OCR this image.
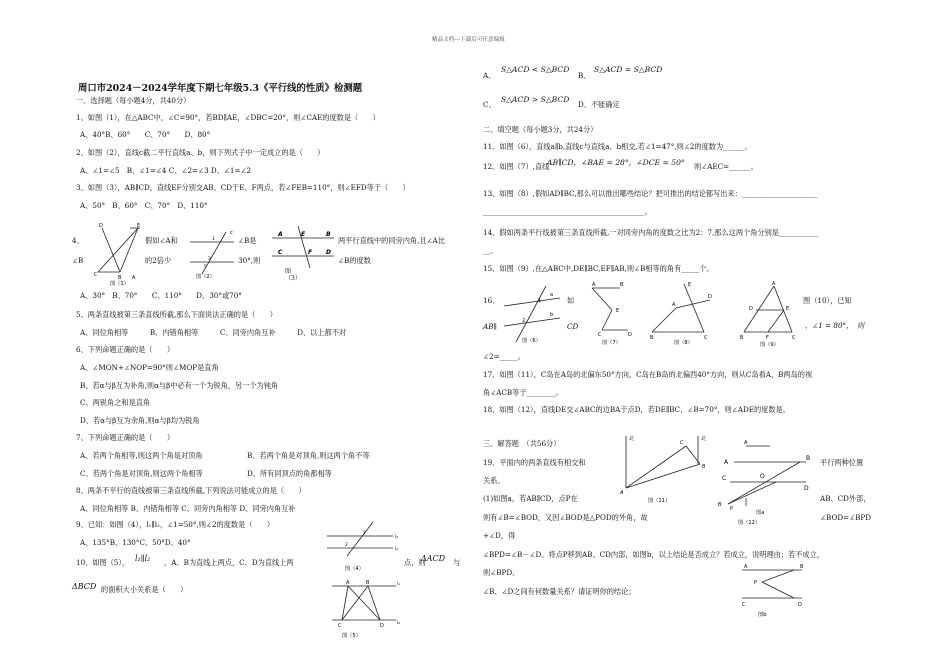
精品文档---下载后可任意编辑
周口市2024－2024学年度下期七年级5.3《平行线的性质》检测题
一、选择题（每小题4分，共40分）
1、如图（1），在△ABC中，∠C=90°，若BD∥AE，∠DBC=20°，则∠CAE的度数是（　　）
A、40°B、60°　　C、70°　　D、80°
2、如图（2），直线c截二平行直线a、b，则下列式子中一定成立的是（　　）
A、∠1=∠5　B、∠1=∠4 C、∠2=∠3 D、∠1=∠2
3、如图（3），AB∥CD，直线EF分别交AB、CD于E、F两点，若∠FEB=110°，则∠EFD等于（　　）
A、50°　B、60°　C、70°　D、110°
4、	假如∠A和	∠B是	两平行直线中的同旁内角,且∠A比
∠B	的2倍少	30°,则
图（3）
∠B的度数
A、30°　B、70°　　C、110°　　D、30°或70°
5、两条直线被第三条直线所截,那么下面说法正确的是（　　）
A、同位角相等　　　B、内错角相等　　　C、同旁内角互补　　　D、以上都不对
6、下列命题正确的是（　　）
A、∠MON+∠NOP=90°则∠MOP是直角
B、若α与β互为补角,则α与β中必有一个为锐角，另一个为钝角
C、两锐角之和是直角
D、若α与β互为余角,则α与β均为锐角
7、下列命题正确的是（　　）
A、若两个角相等,则这两个角是对顶角	B、若两个角是对顶角,则这两个角不等
C、若两个角是对顶角,则这两个角相等	D、所有同顶点的角都相等
8、两条不平行的直线被第三条直线所截,下列说法可能成立的是（　　）
A、同位角相等 B、内错角相等 C、同旁内角相等 D、同旁内角互补
9、已知：如图（4），l₁∥l₂，∠1=50°,则∠2的度数是（　　）
A、135°B、130°C、50°D、40°
10、如图（5）， l₁∥l₂ ，A、B为直线上两点，C、D为直线上两	点，则
ΔACD 与
ΔBCD 的面积大小关系是（　　）
D	E
C	B A
图（1）
1
3
5
c
图（2）
A	B
C	D
E
F
l₁
l₂
1
2
图（4）
A	B
C	D
l₁
l₂
图（5）
A、
S△ACD < S△BCD
B、
S△ACD = S△BCD
C、
S△ACD > S△BCD
D、不能确定
二、填空题（每小题3分，共24分）
11、如图（6），直线a∥b,直线c与直线a、b相交,若∠1=47°,则∠2的度数为______。
12、如图（7）,直线
AB∥CD，∠BAE = 28°，∠DCE = 50° 则∠AEC=______。
13、如图（8）,假如AD∥BC,那么可以推出哪些结论？把可推出的结论都写出来：_____________________
_____________________________________________。
14、假如两条平行线被第三条直线所截,一对同旁内角的度数之比为2：7,那么这两个角分别是___________
__。
15、如图（9）,在△ABC中,DE∥BC,EF∥AB,则∠B相等的角有_____个。
16、	如	图（10），已知
AB∥	CD	，∠1 = 80°，　则
∠2=_____。
17、如图（11），C岛在A岛的北偏东50°方向，C岛在B岛的北偏西40°方向，则从C岛看A，B两岛的视
角∠ACB等于________。
18、如图（12），直线DE交∠ABC的边BA于点D，若DE∥BC，∠B=70°，则∠ADE的度数是。
三、解答题　（共56分）
19、平面内的两条直线有相交和	平行两种位置
关系。
(1)如图a，若AB∥CD，点P在	AB、CD外部，
则有∠B=∠BOD，又因∠BOD是△POD的外角，故	∠BOD=∠BPD
+∠D，得
∠BPD=∠B－∠D。将点P移到AB、CD内部，如图b，以上结论是否成立？若成立，说明理由；若不成立，
则∠BPD、
∠B、∠D之间有何数量关系？请证明你的结论；
a
b
1
2
图（6）
A	B
E
C	D
图（7）
A
E
D
B	C
图（8）
A
D	E
B	F	C
图（9）
北	北
C
B
A
图（11）
A
A
B
C
D
O
B
P
图a
图（12）
A	B
P
C	D
图b
